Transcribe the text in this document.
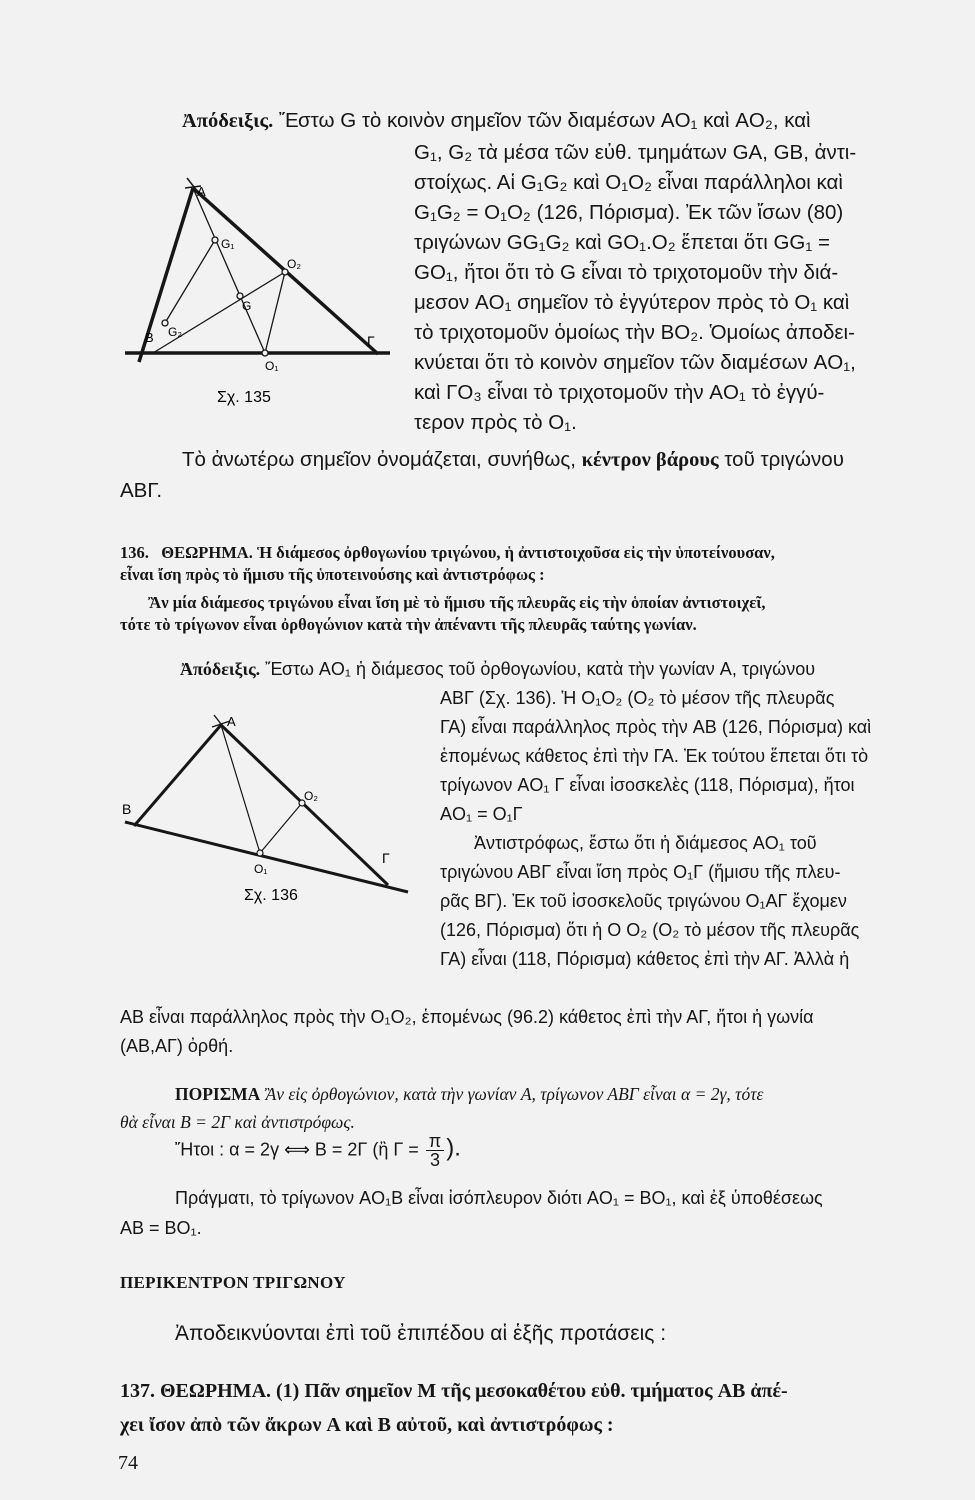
Ἀπόδειξις. Ἔστω G τὸ κοινὸν σημεῖον τῶν διαμέσων AO₁ καὶ AO₂, καὶ
G₁, G₂ τὰ μέσα τῶν εὐθ. τμημάτων GA, GB, ἀντι-
στοίχως. Αἱ G₁G₂ καὶ O₁O₂ εἶναι παράλληλοι καὶ
G₁G₂ = O₁O₂ (126, Πόρισμα). Ἐκ τῶν ἴσων (80)
τριγώνων GG₁G₂ καὶ GO₁.O₂ ἕπεται ὅτι GG₁ =
GO₁, ἤτοι ὅτι τὸ G εἶναι τὸ τριχοτομοῦν τὴν διά-
μεσον AO₁ σημεῖον τὸ ἐγγύτερον πρὸς τὸ O₁ καὶ
τὸ τριχοτομοῦν ὁμοίως τὴν BO₂. Ὁμοίως ἀποδει-
κνύεται ὅτι τὸ κοινὸν σημεῖον τῶν διαμέσων AO₁,
καὶ ΓO₃ εἶναι τὸ τριχοτομοῦν τὴν AO₁ τὸ ἐγγύ-
τερον πρὸς τὸ O₁.
A
G₁
O₂
G
G₂
B	Γ
O₁
Σχ. 135
Τὸ ἀνωτέρω σημεῖον ὀνομάζεται, συνήθως, κέντρον βάρους τοῦ τριγώνου
ΑΒΓ.
136. ΘΕΩΡΗΜΑ. Ἡ διάμεσος ὀρθογωνίου τριγώνου, ἡ ἀντιστοιχοῦσα εἰς τὴν ὑποτείνουσαν,
εἶναι ἴση πρὸς τὸ ἥμισυ τῆς ὑποτεινούσης καὶ ἀντιστρόφως :
Ἂν μία διάμεσος τριγώνου εἶναι ἴση μὲ τὸ ἥμισυ τῆς πλευρᾶς εἰς τὴν ὁποίαν ἀντιστοιχεῖ,
τότε τὸ τρίγωνον εἶναι ὀρθογώνιον κατὰ τὴν ἀπέναντι τῆς πλευρᾶς ταύτης γωνίαν.
Ἀπόδειξις. Ἔστω AO₁ ἡ διάμεσος τοῦ ὀρθογωνίου, κατὰ τὴν γωνίαν A, τριγώνου
ΑΒΓ (Σχ. 136). Ἡ O₁O₂ (O₂ τὸ μέσον τῆς πλευρᾶς
ΓΑ) εἶναι παράλληλος πρὸς τὴν AB (126, Πόρισμα) καὶ
ἑπομένως κάθετος ἐπὶ τὴν ΓΑ. Ἐκ τούτου ἕπεται ὅτι τὸ
τρίγωνον AO₁ Γ εἶναι ἰσοσκελὲς (118, Πόρισμα), ἤτοι
AO₁ = O₁Γ
Ἀντιστρόφως, ἔστω ὅτι ἡ διάμεσος AO₁ τοῦ
τριγώνου ΑΒΓ εἶναι ἴση πρὸς O₁Γ (ἥμισυ τῆς πλευ-
ρᾶς ΒΓ). Ἐκ τοῦ ἰσοσκελοῦς τριγώνου O₁ΑΓ ἔχομεν
(126, Πόρισμα) ὅτι ἡ O O₂ (O₂ τὸ μέσον τῆς πλευρᾶς
ΓΑ) εἶναι (118, Πόρισμα) κάθετος ἐπὶ τὴν ΑΓ. Ἀλλὰ ἡ
AB εἶναι παράλληλος πρὸς τὴν O₁O₂, ἑπομένως (96.2) κάθετος ἐπὶ τὴν ΑΓ, ἤτοι ἡ γωνία
(AB,ΑΓ) ὀρθή.
A
O₂
B
O₁
Γ
Σχ. 136
ΠΟΡΙΣΜΑ Ἂν εἰς ὀρθογώνιον, κατὰ τὴν γωνίαν A, τρίγωνον ΑΒΓ εἶναι α = 2γ, τότε
θὰ εἶναι B = 2Γ καὶ ἀντιστρόφως.
Ἤτοι : α = 2γ ⟺ B = 2Γ (ἢ $\Gamma = \frac{\pi}{3}$ ).
Πράγματι, τὸ τρίγωνον AO₁B εἶναι ἰσόπλευρον διότι AO₁ = BO₁, καὶ ἐξ ὑποθέσεως
AB = BO₁.
ΠΕΡΙΚΕΝΤΡΟΝ ΤΡΙΓΩΝΟΥ
Ἀποδεικνύονται ἐπὶ τοῦ ἐπιπέδου αἱ ἑξῆς προτάσεις :
137. ΘΕΩΡΗΜΑ. (1) Πᾶν σημεῖον Μ τῆς μεσοκαθέτου εὐθ. τμήματος AB ἀπέ-
χει ἴσον ἀπὸ τῶν ἄκρων A καὶ B αὐτοῦ, καὶ ἀντιστρόφως :
74
